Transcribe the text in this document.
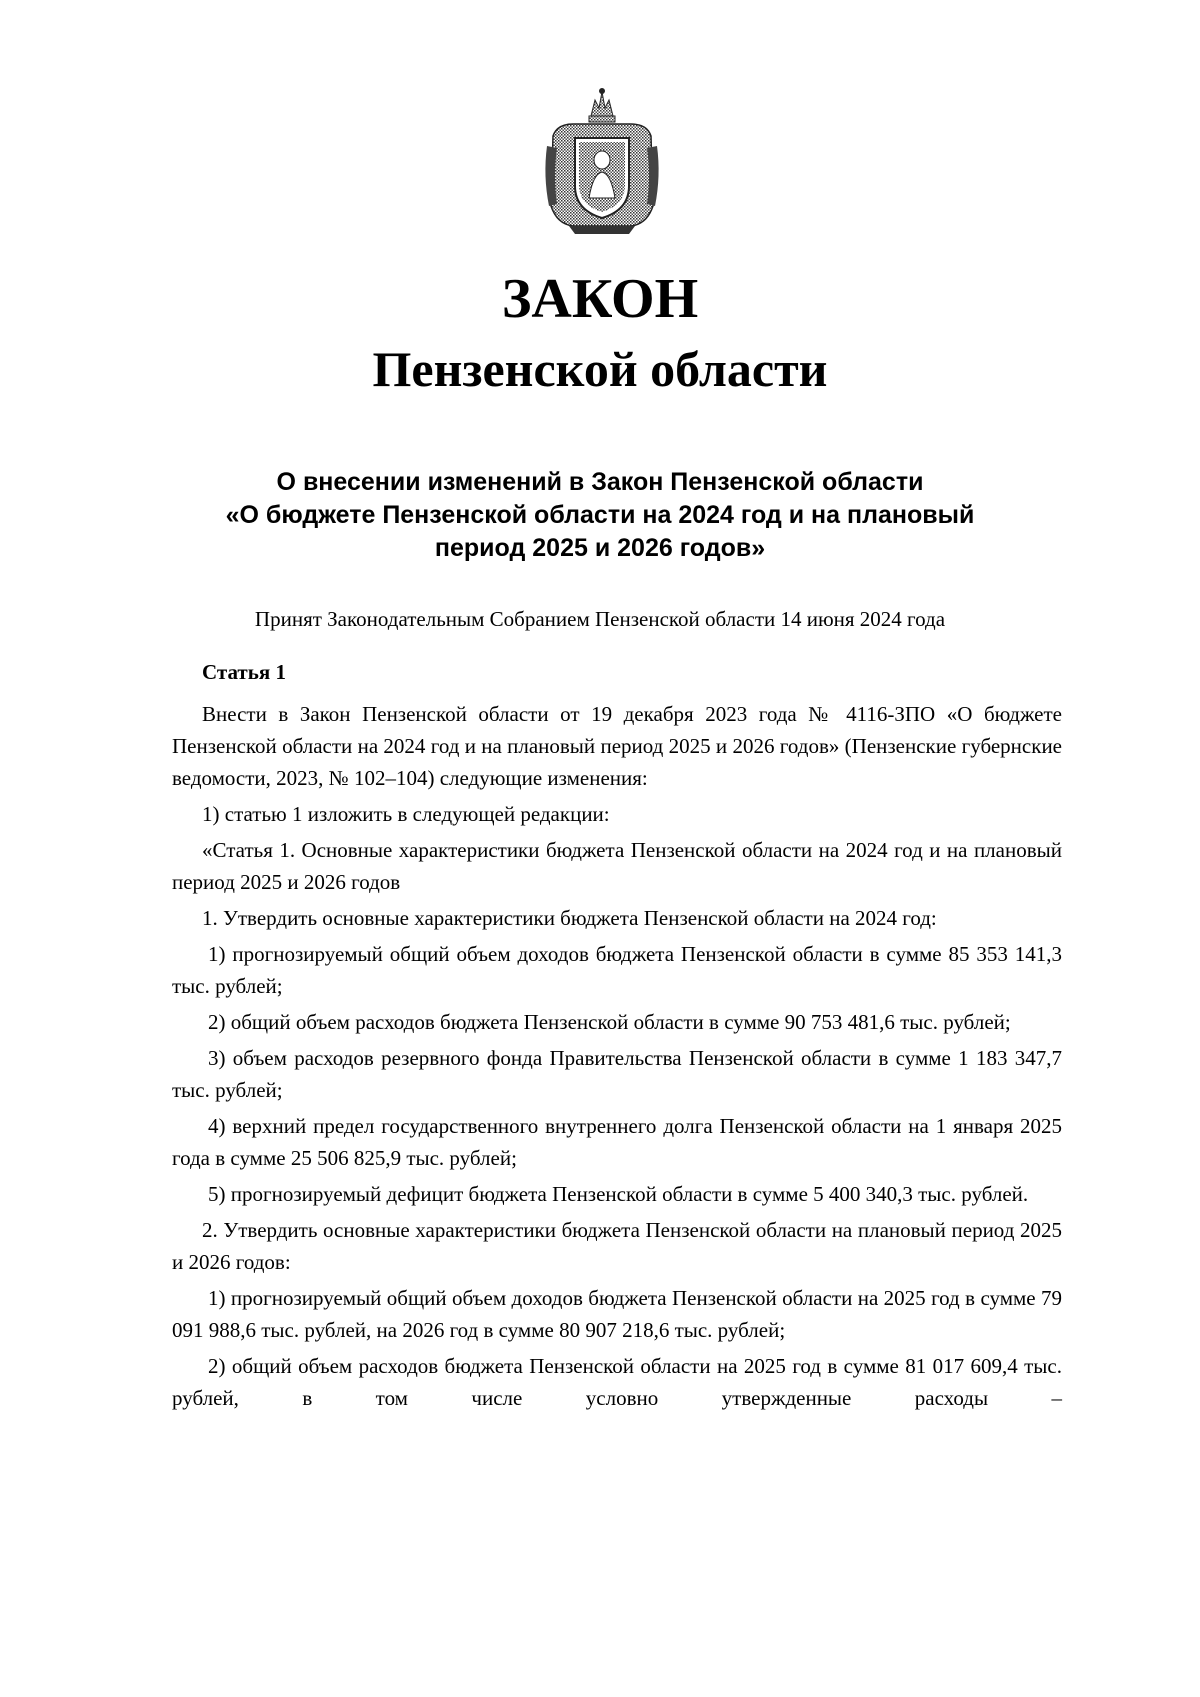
ЗАКОН
Пензенской области
О внесении изменений в Закон Пензенской области
«О бюджете Пензенской области на 2024 год и на плановый
период 2025 и 2026 годов»
Принят Законодательным Собранием Пензенской области 14 июня 2024 года

Статья 1

Внести в Закон Пензенской области от 19 декабря 2023 года № 4116-ЗПО «О бюджете Пензенской области на 2024 год и на плановый период 2025 и 2026 годов» (Пензенские губернские ведомости, 2023, № 102–104) следующие изменения:

1) статью 1 изложить в следующей редакции:

«Статья 1. Основные характеристики бюджета Пензенской области на 2024 год и на плановый период 2025 и 2026 годов

1. Утвердить основные характеристики бюджета Пензенской области на 2024 год:

1) прогнозируемый общий объем доходов бюджета Пензенской области в сумме 85 353 141,3 тыс. рублей;

2) общий объем расходов бюджета Пензенской области в сумме 90 753 481,6 тыс. рублей;

3) объем расходов резервного фонда Правительства Пензенской области в сумме 1 183 347,7 тыс. рублей;

4) верхний предел государственного внутреннего долга Пензенской области на 1 января 2025 года в сумме 25 506 825,9 тыс. рублей;

5) прогнозируемый дефицит бюджета Пензенской области в сумме 5 400 340,3 тыс. рублей.

2. Утвердить основные характеристики бюджета Пензенской области на плановый период 2025 и 2026 годов:

1) прогнозируемый общий объем доходов бюджета Пензенской области на 2025 год в сумме 79 091 988,6 тыс. рублей, на 2026 год в сумме 80 907 218,6 тыс. рублей;

2) общий объем расходов бюджета Пензенской области на 2025 год в сумме 81 017 609,4 тыс. рублей, в том числе условно утвержденные расходы –
